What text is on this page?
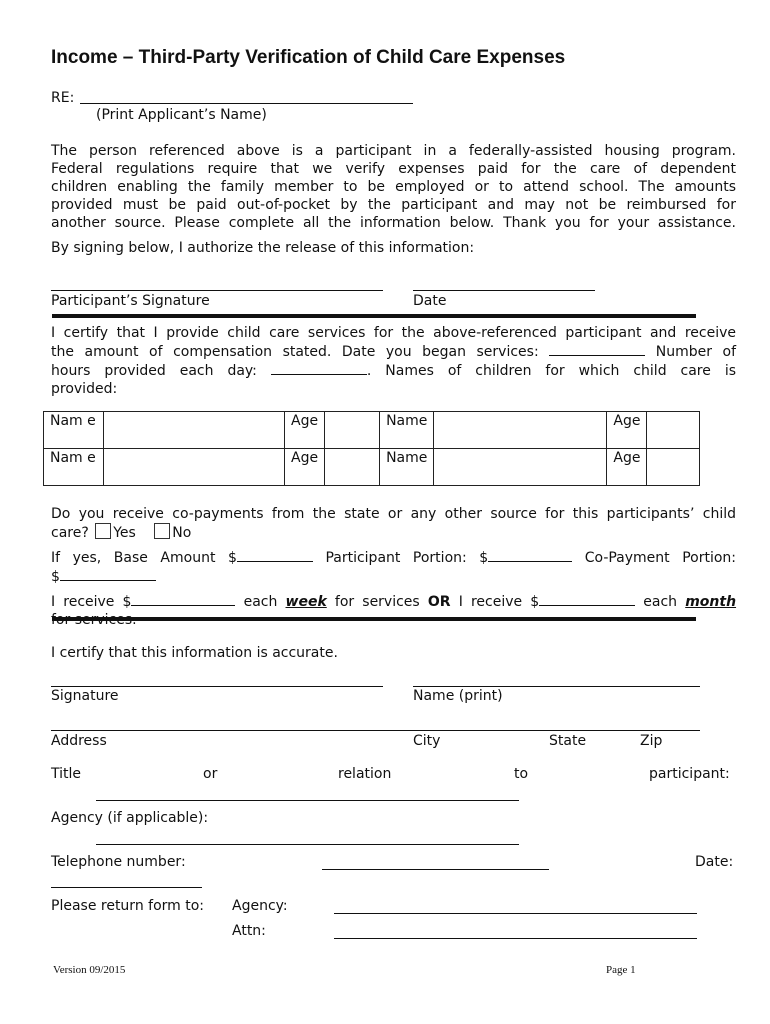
Income – Third-Party Verification of Child Care Expenses
RE:
(Print Applicant’s Name)
The person referenced above is a participant in a federally-assisted housing program.
Federal regulations require that we verify expenses paid for the care of dependent
children enabling the family member to be employed or to attend school. The amounts
provided must be paid out-of-pocket by the participant and may not be reimbursed for
another source. Please complete all the information below. Thank you for your assistance.
By signing below, I authorize the release of this information:
Participant’s Signature	Date
I certify that I provide child care services for the above-referenced participant and receive
the amount of compensation stated. Date you began services:	Number of
hours provided each day:	. Names of children for which child care is
provided:
Nam e		Age		Name		Age	
Nam e		Age		Name		Age	
Do you receive co-payments from the state or any other source for this participants’ child
care? Yes	No
If yes, Base Amount $	Participant Portion: $	Co-Payment Portion:
$
I receive $	each week for services OR I receive $	each month
I certify that this information is accurate.
Signature	Name (print)
Address	City	State	Zip
Title	or	relation	to	participant:
Agency (if applicable):
Telephone number:	Date:
Please return form to: Agency:
Attn:
Version 09/2015	Page 1
